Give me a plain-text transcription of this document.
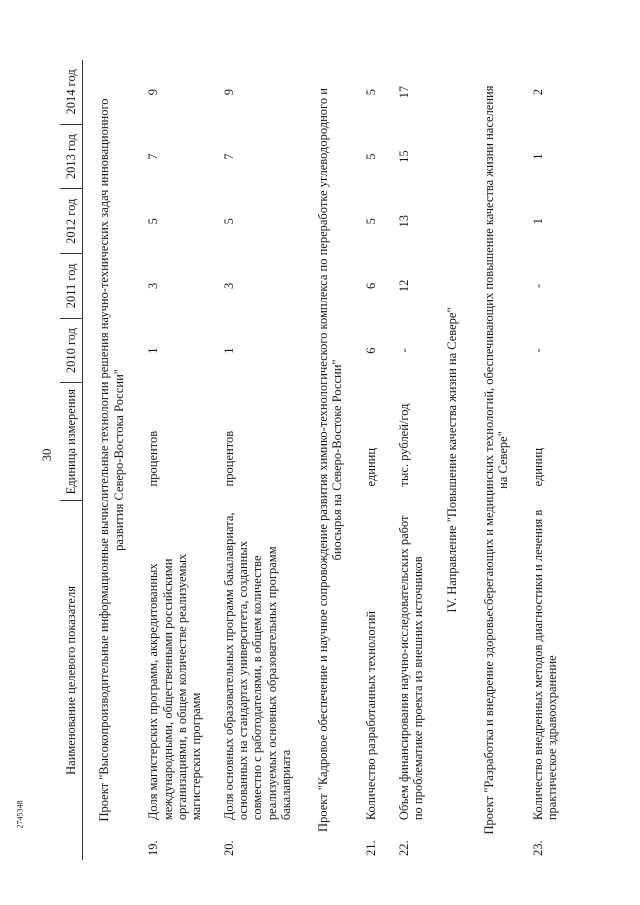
30
2745348
Наименование целевого показателя		Единица измерения	2010 год	2011 год	2012 год	2013 год	2014 год
Проект "Высокопроизводительные информационные вычислительные технологии решения научно-технических задач инновационного развития Северо-Востока России"							
19.	Доля магистерских программ, аккредитованных международными, общественными российскими организациями, в общем количестве реализуемых магистерских программ	процентов	1	3	5	7	9
20.	Доля основных образовательных программ бакалавриата, основанных на стандартах университета, созданных совместно с работодателями, в общем количестве реализуемых основных образовательных программ бакалавриата	процентов	1	3	5	7	9
Проект "Кадровое обеспечение и научное сопровождение развития химико-технологического комплекса по переработке углеводородного и биосырья на Северо-Востоке России"							
21.	Количество разработанных технологий	единиц	6	6	5	5	5
22.	Объем финансирования научно-исследовательских работ по проблематике проекта из внешних источников	тыс. рублей/год	-	12	13	15	17
IV. Направление "Повышение качества жизни на Севере"							
Проект "Разработка и внедрение здоровьесберегающих и медицинских технологий, обеспечивающих повышение качества жизни населения на Севере"							
23.	Количество внедренных методов диагностики и лечения в практическое здравоохранение	единиц	-	-	1	1	2
